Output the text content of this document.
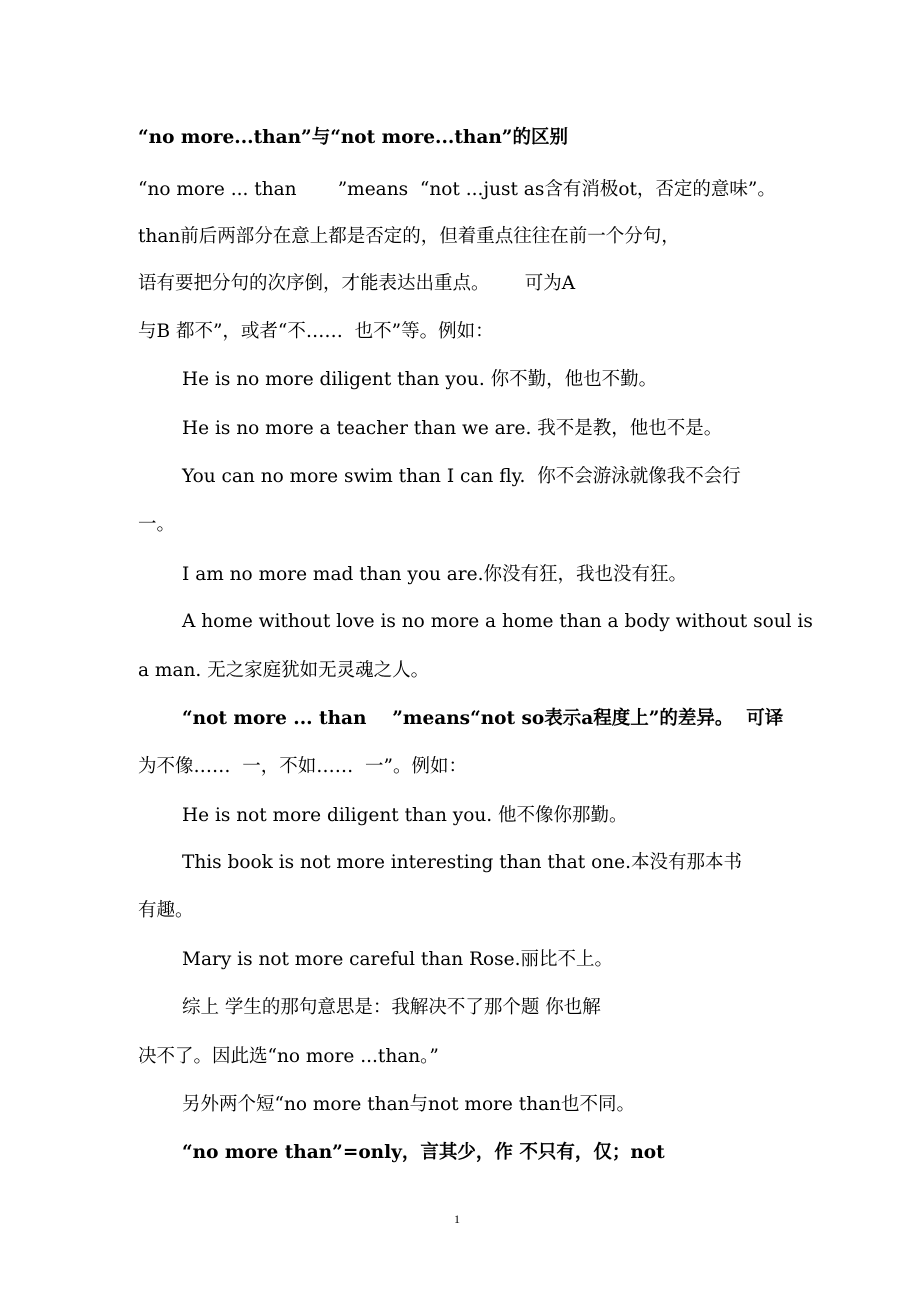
“no more...than”与“not more...than”的区别

“no more ... than       ”means  “not ...just as含有消极ot，否定的意味”。

than前后两部分在意上都是否定的，但着重点往往在前一个分句，

语有要把分句的次序倒，才能表达出重点。      可为A

与B 都不”，或者“不……  也不”等。例如：

He is no more diligent than you. 你不勤，他也不勤。

He is no more a teacher than we are. 我不是教，他也不是。

You can no more swim than I can fly.  你不会游泳就像我不会行

一。

I am no more mad than you are.你没有狂，我也没有狂。

A home without love is no more a home than a body without soul is

a man. 无之家庭犹如无灵魂之人。

“not more ... than    ”means“not so表示a程度上”的差异。  可译

为不像……  一，不如……  一”。例如：

He is not more diligent than you. 他不像你那勤。

This book is not more interesting than that one.本没有那本书

有趣。

Mary is not more careful than Rose.丽比不上。

综上 学生的那句意思是：我解决不了那个题 你也解

决不了。因此选“no more ...than。”

另外两个短“no more than与not more than也不同。

“no more than”=only，言其少，作 不只有，仅；not

1
